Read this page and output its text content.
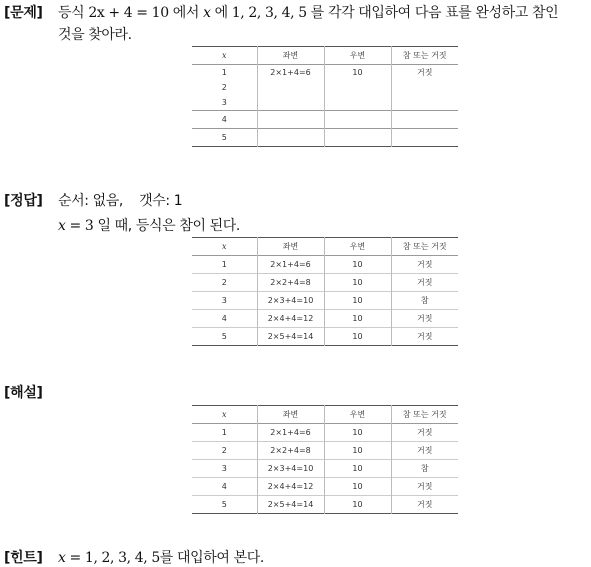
[문제] 등식 2x + 4 = 10 에서 x 에 1, 2, 3, 4, 5 를 각각 대입하여 다음 표를 완성하고 참인
것을 찾아라.
x	좌변	우변	참 또는 거짓
1	2×1+4=6	10	거짓
2			
3			
4			
5			
[정답] 순서: 없음,    갯수: 1
x = 3 일 때, 등식은 참이 된다.
x	좌변	우변	참 또는 거짓
1	2×1+4=6	10	거짓
2	2×2+4=8	10	거짓
3	2×3+4=10	10	참
4	2×4+4=12	10	거짓
5	2×5+4=14	10	거짓
[해설]
x	좌변	우변	참 또는 거짓
1	2×1+4=6	10	거짓
2	2×2+4=8	10	거짓
3	2×3+4=10	10	참
4	2×4+4=12	10	거짓
5	2×5+4=14	10	거짓
[힌트] x = 1, 2, 3, 4, 5를 대입하여 본다.
